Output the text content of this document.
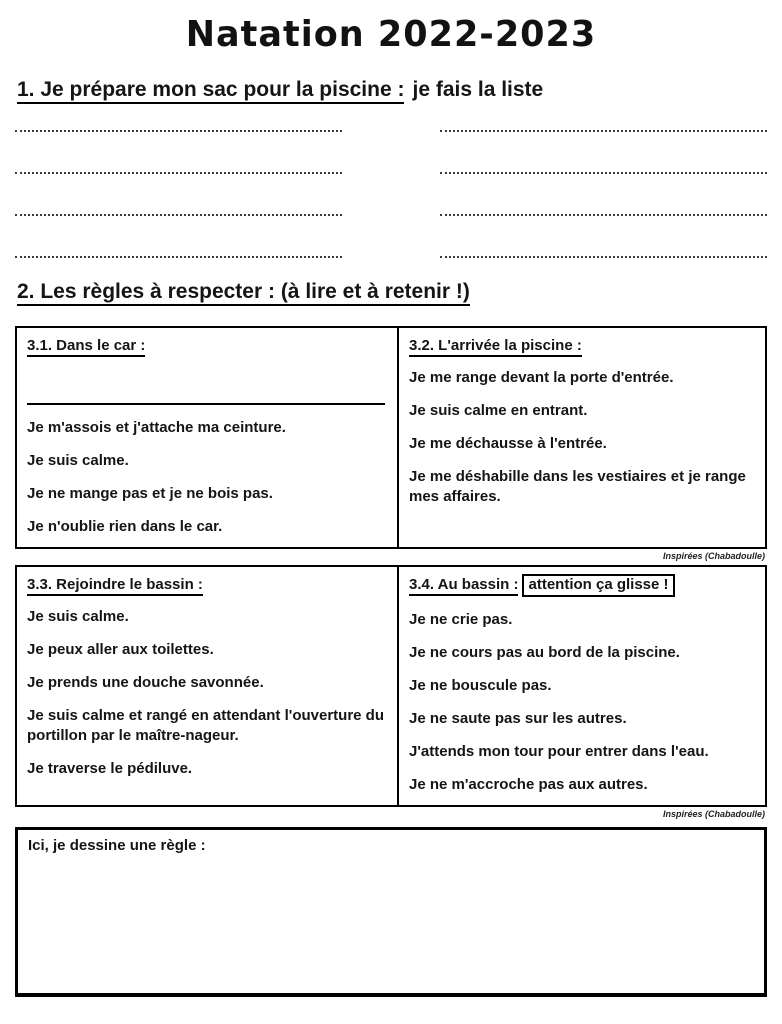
Natation 2022-2023
1. Je prépare mon sac pour la piscine : je fais la liste
2. Les règles à respecter : (à lire et à retenir !)
3.1. Dans le car :

Je m'assois et j'attache ma ceinture.

Je suis calme.

Je ne mange pas et je ne bois pas.

Je n'oublie rien dans le car.

	3.2. L'arrivée la piscine :

Je me range devant la porte d'entrée.

Je suis calme en entrant.

Je me déchausse à l'entrée.

Je me déshabille dans les vestiaires et je range mes affaires.

Inspirées (Chabadoulle)
3.3. Rejoindre le bassin :

Je suis calme.

Je peux aller aux toilettes.

Je prends une douche savonnée.

Je suis calme et rangé en attendant l'ouverture du portillon par le maître-nageur.

Je traverse le pédiluve.

	3.4. Au bassin : attention ça glisse !

Je ne crie pas.

Je ne cours pas au bord de la piscine.

Je ne bouscule pas.

Je ne saute pas sur les autres.

J'attends mon tour pour entrer dans l'eau.

Je ne m'accroche pas aux autres.

Inspirées (Chabadoulle)

Ici, je dessine une règle :
